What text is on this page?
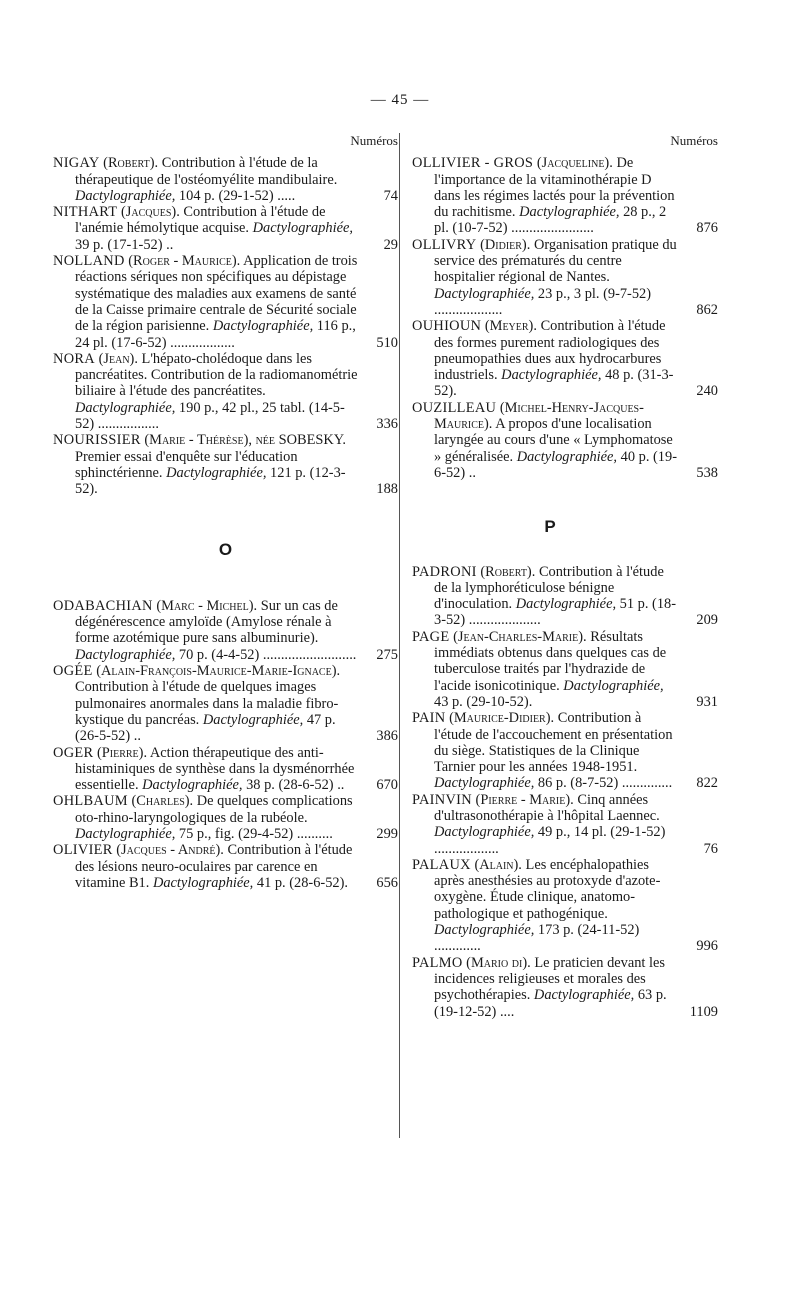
— 45 —
Numéros
NIGAY (Robert). Contribution à l'étude de la thérapeutique de l'ostéomyélite mandibulaire. Dactylographiée, 104 p. (29-1-52) .....	74
NITHART (Jacques). Contribution à l'étude de l'anémie hémolytique acquise. Dactylographiée, 39 p. (17-1-52) ..	29
NOLLAND (Roger - Maurice). Application de trois réactions sériques non spécifiques au dépistage systématique des maladies aux examens de santé de la Caisse primaire centrale de Sécurité sociale de la région parisienne. Dactylographiée, 116 p., 24 pl. (17-6-52) ..................	510
NORA (Jean). L'hépato-cholédoque dans les pancréatites. Contribution de la radiomanométrie biliaire à l'étude des pancréatites. Dactylographiée, 190 p., 42 pl., 25 tabl. (14-5-52) .................	336
NOURISSIER (Marie - Thérèse), née SOBESKY. Premier essai d'enquête sur l'éducation sphinctérienne. Dactylographiée, 121 p. (12-3-52).	188
O
ODABACHIAN (Marc - Michel). Sur un cas de dégénérescence amyloïde (Amylose rénale à forme azotémique pure sans albuminurie). Dactylographiée, 70 p. (4-4-52) .......................... 275
OGÉE (Alain-François-Maurice-Marie-Ignace). Contribution à l'étude de quelques images pulmonaires anormales dans la maladie fibro-kystique du pancréas. Dactylographiée, 47 p. (26-5-52) ..	386
OGER (Pierre). Action thérapeutique des anti-histaminiques de synthèse dans la dysménorrhée essentielle. Dactylographiée, 38 p. (28-6-52) ..	670
OHLBAUM (Charles). De quelques complications oto-rhino-laryngologiques de la rubéole. Dactylographiée, 75 p., fig. (29-4-52) ..........	299
OLIVIER (Jacques - André). Contribution à l'étude des lésions neuro-oculaires par carence en vitamine B1. Dactylographiée, 41 p. (28-6-52).	656
Numéros
OLLIVIER - GROS (Jacqueline). De l'importance de la vitaminothérapie D dans les régimes lactés pour la prévention du rachitisme. Dactylographiée, 28 p., 2 pl. (10-7-52) .......................	876
OLLIVRY (Didier). Organisation pratique du service des prématurés du centre hospitalier régional de Nantes. Dactylographiée, 23 p., 3 pl. (9-7-52) ...................	862
OUHIOUN (Meyer). Contribution à l'étude des formes purement radiologiques des pneumopathies dues aux hydrocarbures industriels. Dactylographiée, 48 p. (31-3-52).	240
OUZILLEAU (Michel-Henry-Jacques-Maurice). A propos d'une localisation laryngée au cours d'une « Lymphomatose » généralisée. Dactylographiée, 40 p. (19-6-52) ..	538
P
PADRONI (Robert). Contribution à l'étude de la lymphoréticulose bénigne d'inoculation. Dactylographiée, 51 p. (18-3-52) ....................	209
PAGE (Jean-Charles-Marie). Résultats immédiats obtenus dans quelques cas de tuberculose traités par l'hydrazide de l'acide isonicotinique. Dactylographiée, 43 p. (29-10-52).	931
PAIN (Maurice-Didier). Contribution à l'étude de l'accouchement en présentation du siège. Statistiques de la Clinique Tarnier pour les années 1948-1951. Dactylographiée, 86 p. (8-7-52) ..............	822
PAINVIN (Pierre - Marie). Cinq années d'ultrasonothérapie à l'hôpital Laennec. Dactylographiée, 49 p., 14 pl. (29-1-52) ..................	76
PALAUX (Alain). Les encéphalopathies après anesthésies au protoxyde d'azote-oxygène. Étude clinique, anatomo-pathologique et pathogénique. Dactylographiée, 173 p. (24-11-52) .............	996
PALMO (Mario di). Le praticien devant les incidences religieuses et morales des psychothérapies. Dactylographiée, 63 p. (19-12-52) ....	1109
